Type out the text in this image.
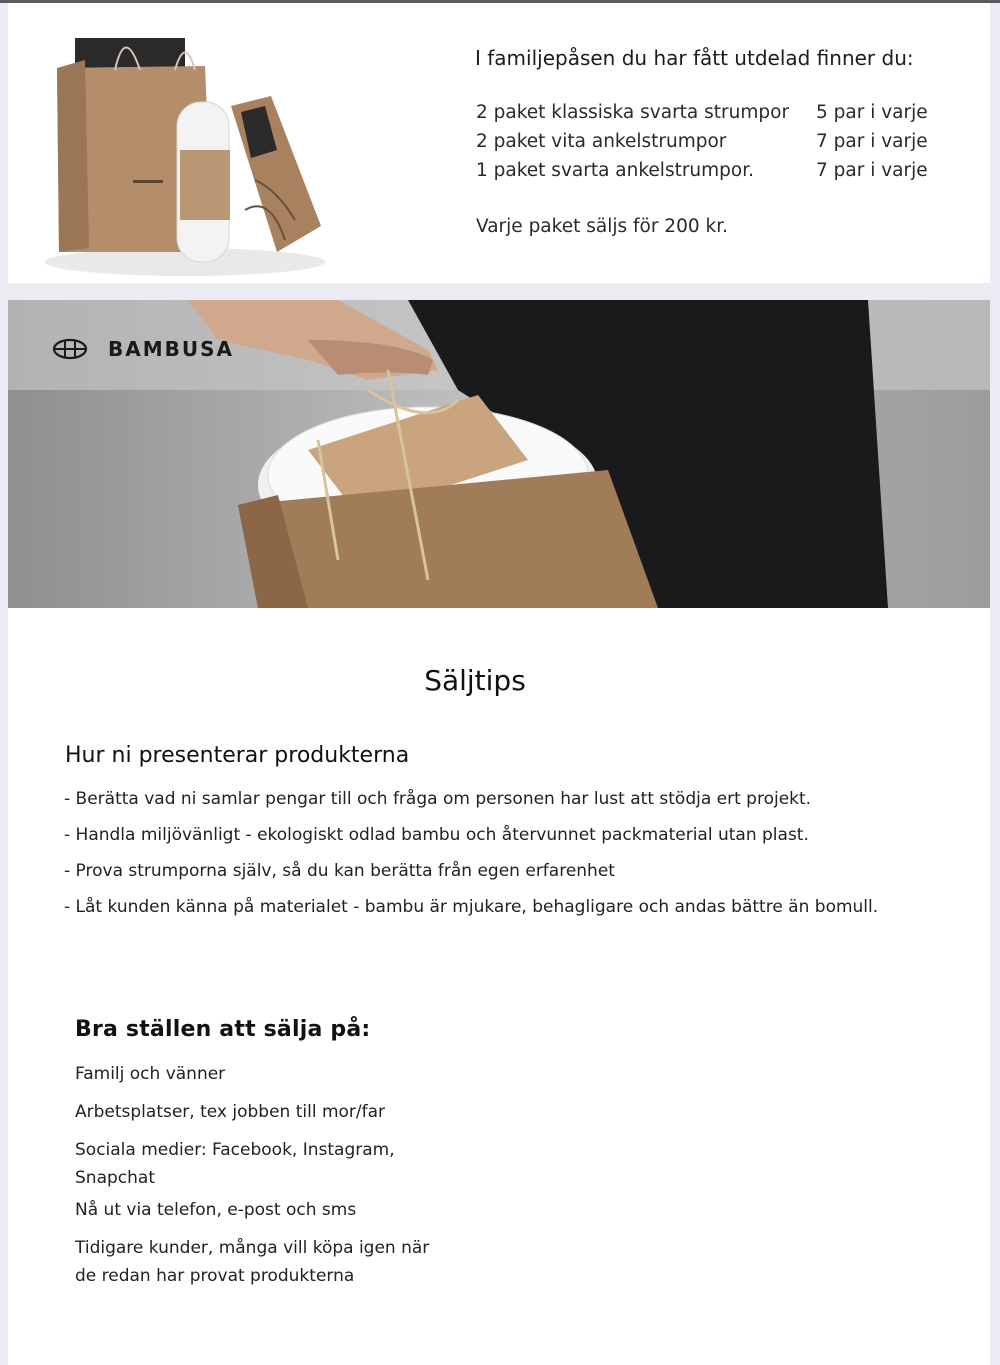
I familjepåsen du har fått utdelad finner du:
2 paket klassiska svarta strumpor 5 par i varje
2 paket vita ankelstrumpor	7 par i varje
1 paket svarta ankelstrumpor.	7 par i varje
Varje paket säljs för 200 kr.
BAMBUSA
Säljtips
Hur ni presenterar produkterna
- Berätta vad ni samlar pengar till och fråga om personen har lust att stödja ert projekt.
- Handla miljövänligt - ekologiskt odlad bambu och återvunnet packmaterial utan plast.
- Prova strumporna själv, så du kan berätta från egen erfarenhet
- Låt kunden känna på materialet - bambu är mjukare, behagligare och andas bättre än bomull.
Bra ställen att sälja på:
Familj och vänner
Arbetsplatser, tex jobben till mor/far
Sociala medier: Facebook, Instagram,
Snapchat
Nå ut via telefon, e-post och sms
Tidigare kunder, många vill köpa igen när
de redan har provat produkterna
